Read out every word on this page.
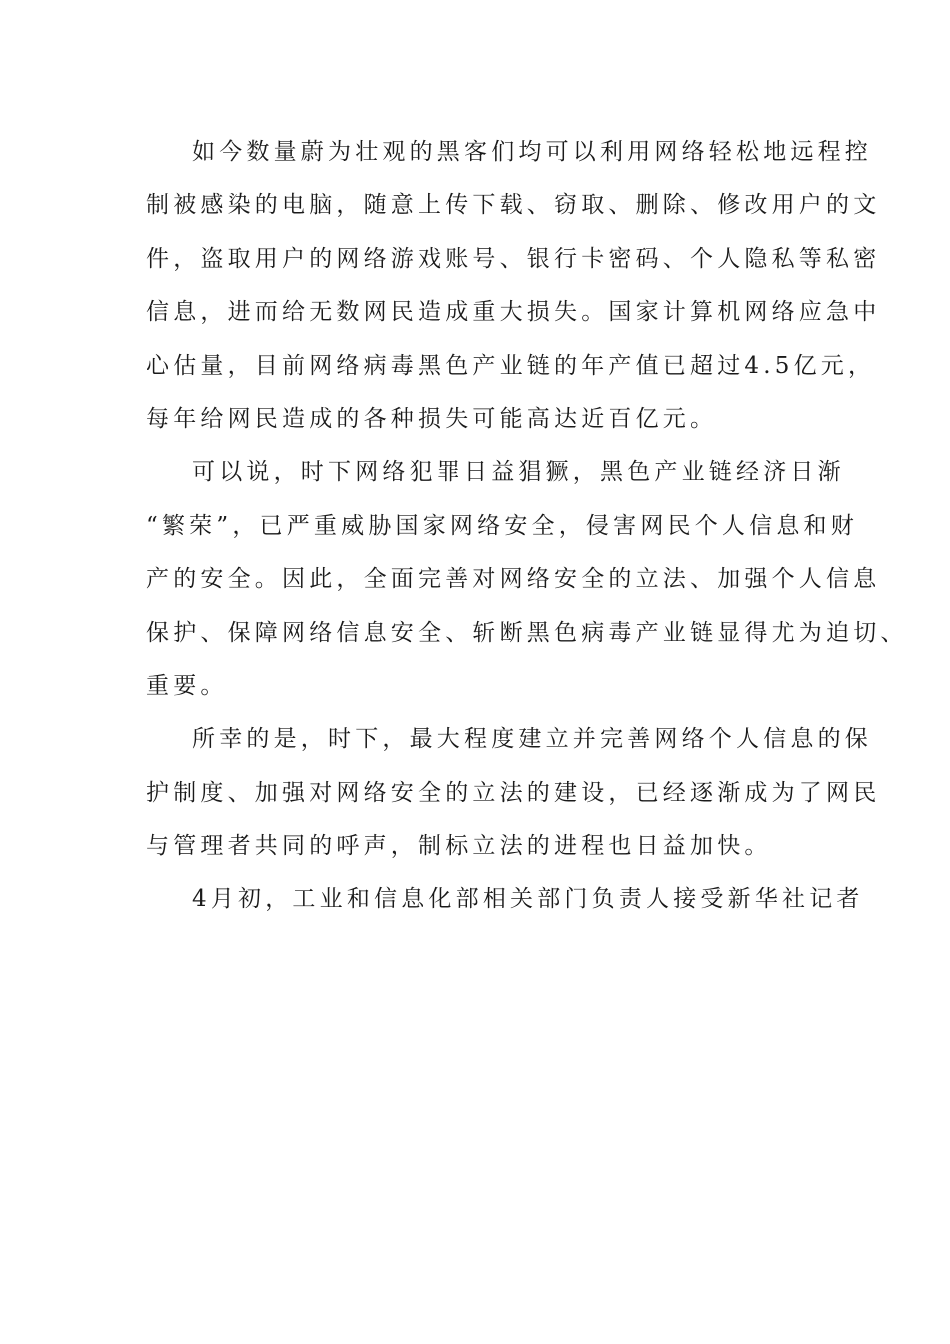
如今数量蔚为壮观的黑客们均可以利用网络轻松地远程控
制被感染的电脑，随意上传下载、窃取、删除、修改用户的文
件，盗取用户的网络游戏账号、银行卡密码、个人隐私等私密
信息，进而给无数网民造成重大损失。国家计算机网络应急中
心估量，目前网络病毒黑色产业链的年产值已超过4.5亿元，
每年给网民造成的各种损失可能高达近百亿元。
可以说，时下网络犯罪日益猖獗，黑色产业链经济日渐
“繁荣”，已严重威胁国家网络安全，侵害网民个人信息和财
产的安全。因此，全面完善对网络安全的立法、加强个人信息
保护、保障网络信息安全、斩断黑色病毒产业链显得尤为迫切、
重要。
所幸的是，时下，最大程度建立并完善网络个人信息的保
护制度、加强对网络安全的立法的建设，已经逐渐成为了网民
与管理者共同的呼声，制标立法的进程也日益加快。
4月初，工业和信息化部相关部门负责人接受新华社记者
